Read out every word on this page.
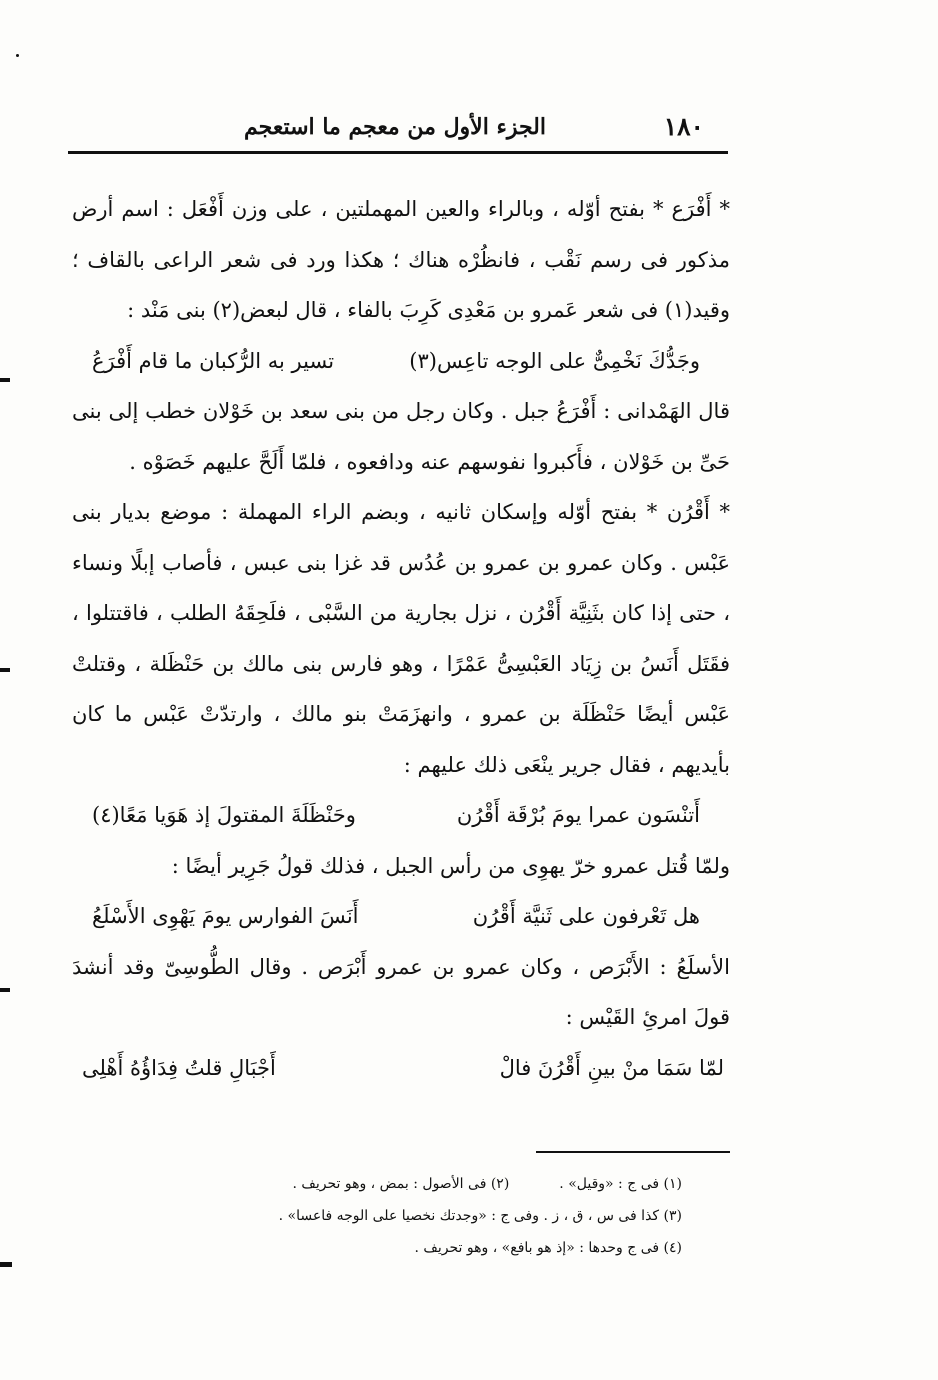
١٨٠
الجزء الأول من معجم ما استعجم

* أَفْرَع * بفتح أوّله ، وبالراء والعين المهملتين ، على وزن أَفْعَل : اسم أرض مذكور فى رسم نَقْب ، فانظُرْه هناك ؛ هكذا ورد فى شعر الراعى بالقاف ؛ وقيد(١) فى شعر عَمرو بن مَعْدِى كَرِبَ بالفاء ، قال لبعض(٢) بنى مَنْد :

وجَدُّكَ نَخْمِىٌّ على الوجه تاعِس(٣)
تسير به الرُّكبان ما قام أَفْرَعُ

قال الهَمْدانى : أَفْرَعُ جبل . وكان رجل من بنى سعد بن خَوْلان خطب إلى بنى حَىِّ بن خَوْلان ، فأَكبروا نفوسهم عنه ودافعوه ، فلمّا أَلَحَّ عليهم خَصَوْه .

* أَقْرُن * بفتح أوّله وإسكان ثانيه ، وبضم الراء المهملة : موضع بديار بنى عَبْس . وكان عمرو بن عمرو بن عُدُس قد غزا بنى عبس ، فأصاب إبلًا ونساء ، حتى إذا كان بثَنِيَّة أَقْرُن ، نزل بجارية من السَّبْى ، فلَحِقَهُ الطلب ، فاقتتلوا ، فقَتَل أَنَسُ بن زِيَاد العَبْسِىُّ عَمْرًا ، وهو فارس بنى مالك بن حَنْظَلة ، وقتلتْ عَبْس أيضًا حَنْظَلَة بن عمرو ، وانهزَمَتْ بنو مالك ، وارتدّتْ عَبْس ما كان بأيديهم ، فقال جرير ينْعَى ذلك عليهم :

أَتنْسَون عمرا يومَ بُرْقَة أَقْرُن
وحَنْظَلَةَ المقتولَ إذ هَوَيا مَعًا(٤)

ولمّا قُتل عمرو خرّ يهوِى من رأس الجبل ، فذلك قولُ جَرِير أيضًا :

هل تَعْرفون على ثَنيَّة أَقْرُن
أَنَسَ الفوارس يومَ يَهْوِى الأَسْلَعُ

الأسلَعُ : الأَبْرَص ، وكان عمرو بن عمرو أَبْرَص . وقال الطُّوسِىّ وقد أنشدَ قولَ امرئِ القَيْس :

لمّا سَمَا منْ بينِ أَقْرُنَ فالْ
أَجْبَالِ قلتُ فِدَاؤُهُ أَهْلِى
(١) فى ج : «وقيل» .
(٢) فى الأصول : بمض ، وهو تحريف .
(٣) كذا فى س ، ق ، ز . وفى ج : «وجدتك نخصيا على الوجه فاعسا» .
(٤) فى ج وحدها : «إذ هو بافع» ، وهو تحريف .
